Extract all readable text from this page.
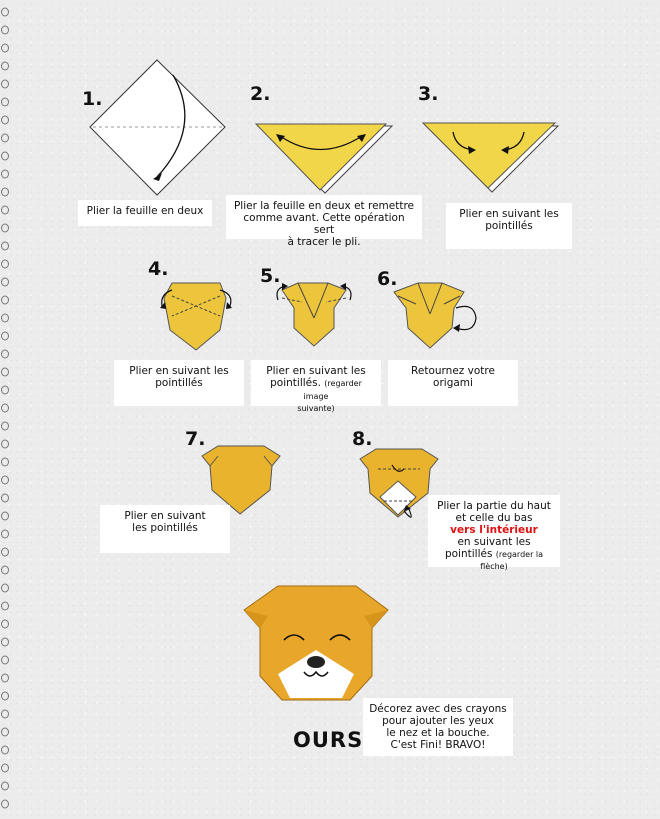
1.
Plier la feuille en deux
2.
Plier la feuille en deux et remettre
comme avant. Cette opération sert
à tracer le pli.
3.
Plier en suivant les
pointillés
4.
Plier en suivant les
pointillés
5.
Plier en suivant les
pointillés. (regarder image
suivante)
6.
Retournez votre
origami
7.
Plier en suivant
les pointillés
8.
Plier la partie du haut
et celle du bas
vers l'intérieur
en suivant les
pointillés (regarder la
flèche)
OURS
Décorez avec des crayons
pour ajouter les yeux
le nez et la bouche.
C'est Fini! BRAVO!
